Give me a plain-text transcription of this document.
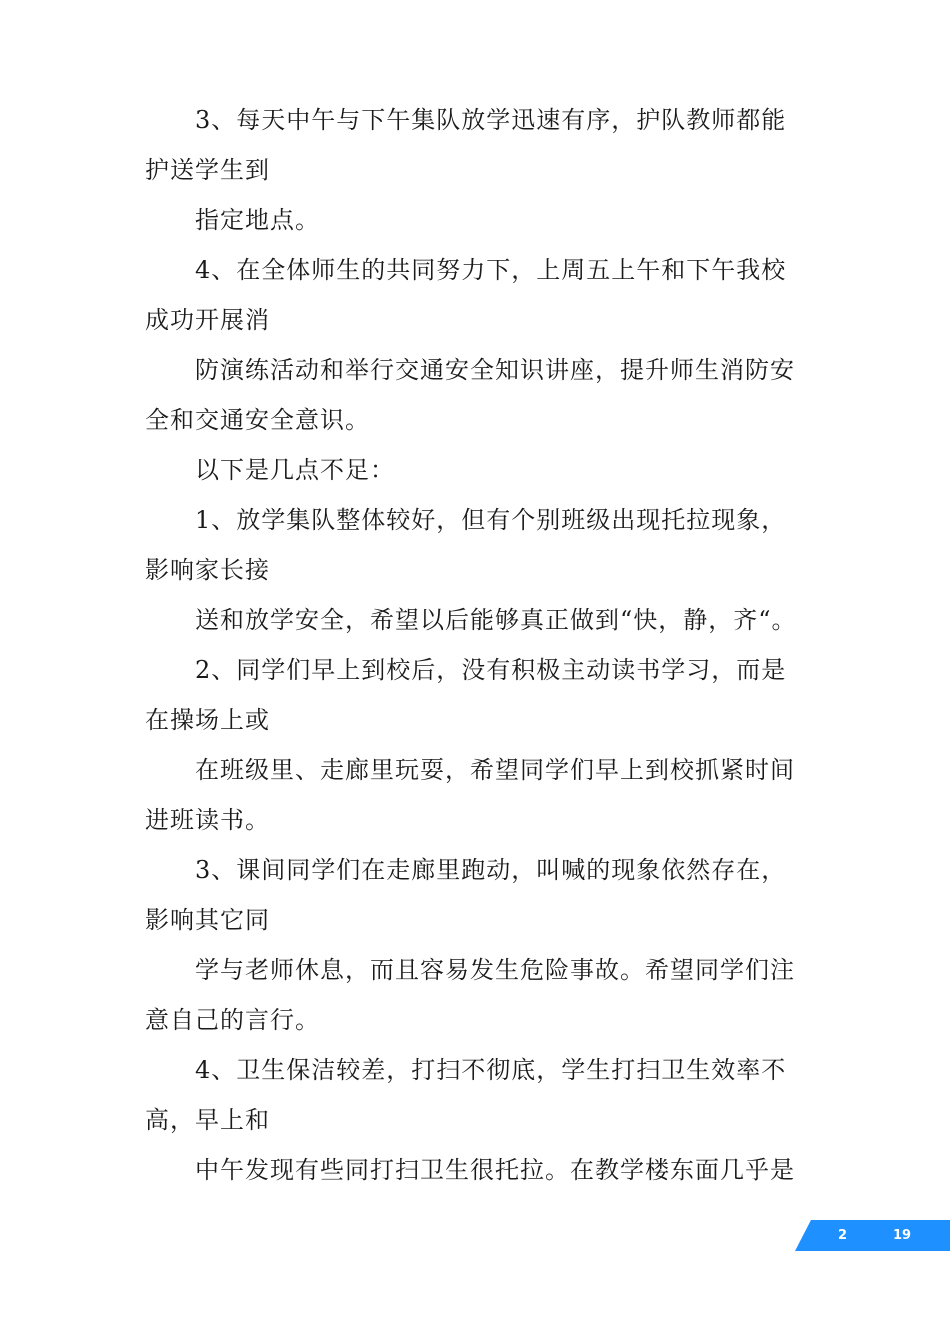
3、每天中午与下午集队放学迅速有序，护队教师都能护送学生到

指定地点。

4、在全体师生的共同努力下，上周五上午和下午我校成功开展消

防演练活动和举行交通安全知识讲座，提升师生消防安全和交通安全意识。

以下是几点不足：

1、放学集队整体较好，但有个别班级出现托拉现象，影响家长接

送和放学安全，希望以后能够真正做到“快，静，齐“。

2、同学们早上到校后，没有积极主动读书学习，而是在操场上或

在班级里、走廊里玩耍，希望同学们早上到校抓紧时间进班读书。

3、课间同学们在走廊里跑动，叫喊的现象依然存在，影响其它同

学与老师休息，而且容易发生危险事故。希望同学们注意自己的言行。

4、卫生保洁较差，打扫不彻底，学生打扫卫生效率不高，早上和

中午发现有些同打扫卫生很托拉。在教学楼东面几乎是

2	19
